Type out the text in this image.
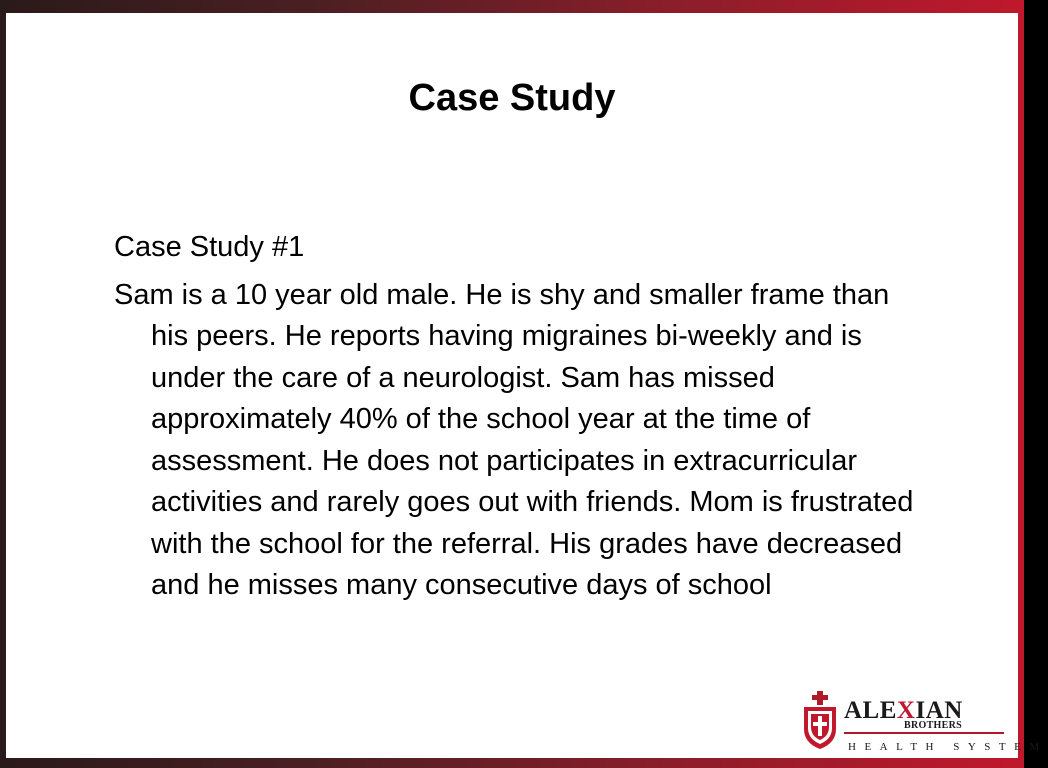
Case Study

Case Study #1

Sam is a 10 year old male. He is shy and smaller frame than his peers. He reports having migraines bi-weekly and is under the care of a neurologist. Sam has missed approximately 40% of the school year at the time of assessment. He does not participates in extracurricular activities and rarely goes out with friends. Mom is frustrated with the school for the referral. His grades have decreased and he misses many consecutive days of school

ALEXIAN
BROTHERS
HEALTH SYSTEM
